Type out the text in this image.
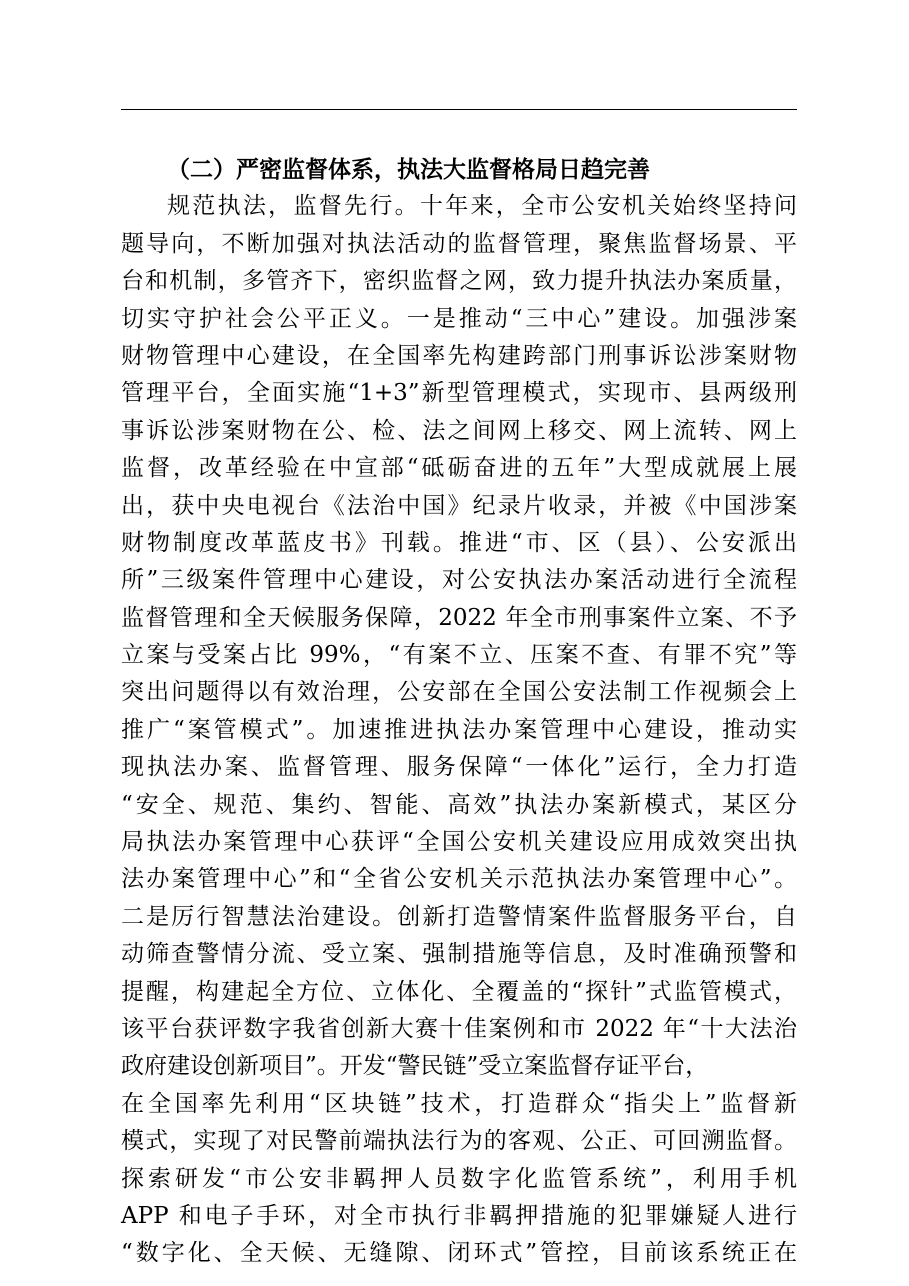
（二）严密监督体系，执法大监督格局日趋完善
规范执法，监督先行。十年来，全市公安机关始终坚持问
题导向，不断加强对执法活动的监督管理，聚焦监督场景、平
台和机制，多管齐下，密织监督之网，致力提升执法办案质量，
切实守护社会公平正义。一是推动“三中心”建设。加强涉案
财物管理中心建设，在全国率先构建跨部门刑事诉讼涉案财物
管理平台，全面实施“1+3”新型管理模式，实现市、县两级刑
事诉讼涉案财物在公、检、法之间网上移交、网上流转、网上
监督，改革经验在中宣部“砥砺奋进的五年”大型成就展上展
出，获中央电视台《法治中国》纪录片收录，并被《中国涉案
财物制度改革蓝皮书》刊载。推进“市、区（县）、公安派出
所”三级案件管理中心建设，对公安执法办案活动进行全流程
监督管理和全天候服务保障，2022 年全市刑事案件立案、不予
立案与受案占比 99%，“有案不立、压案不查、有罪不究”等
突出问题得以有效治理，公安部在全国公安法制工作视频会上
推广“案管模式”。加速推进执法办案管理中心建设，推动实
现执法办案、监督管理、服务保障“一体化”运行，全力打造
“安全、规范、集约、智能、高效”执法办案新模式，某区分
局执法办案管理中心获评“全国公安机关建设应用成效突出执
法办案管理中心”和“全省公安机关示范执法办案管理中心”。
二是厉行智慧法治建设。创新打造警情案件监督服务平台，自
动筛查警情分流、受立案、强制措施等信息，及时准确预警和
提醒，构建起全方位、立体化、全覆盖的“探针”式监管模式，
该平台获评数字我省创新大赛十佳案例和市 2022 年“十大法治
政府建设创新项目”。开发“警民链”受立案监督存证平台，
在全国率先利用“区块链”技术，打造群众“指尖上”监督新
模式，实现了对民警前端执法行为的客观、公正、可回溯监督。
探索研发“市公安非羁押人员数字化监管系统”，利用手机
APP 和电子手环，对全市执行非羁押措施的犯罪嫌疑人进行
“数字化、全天候、无缝隙、闭环式”管控，目前该系统正在
